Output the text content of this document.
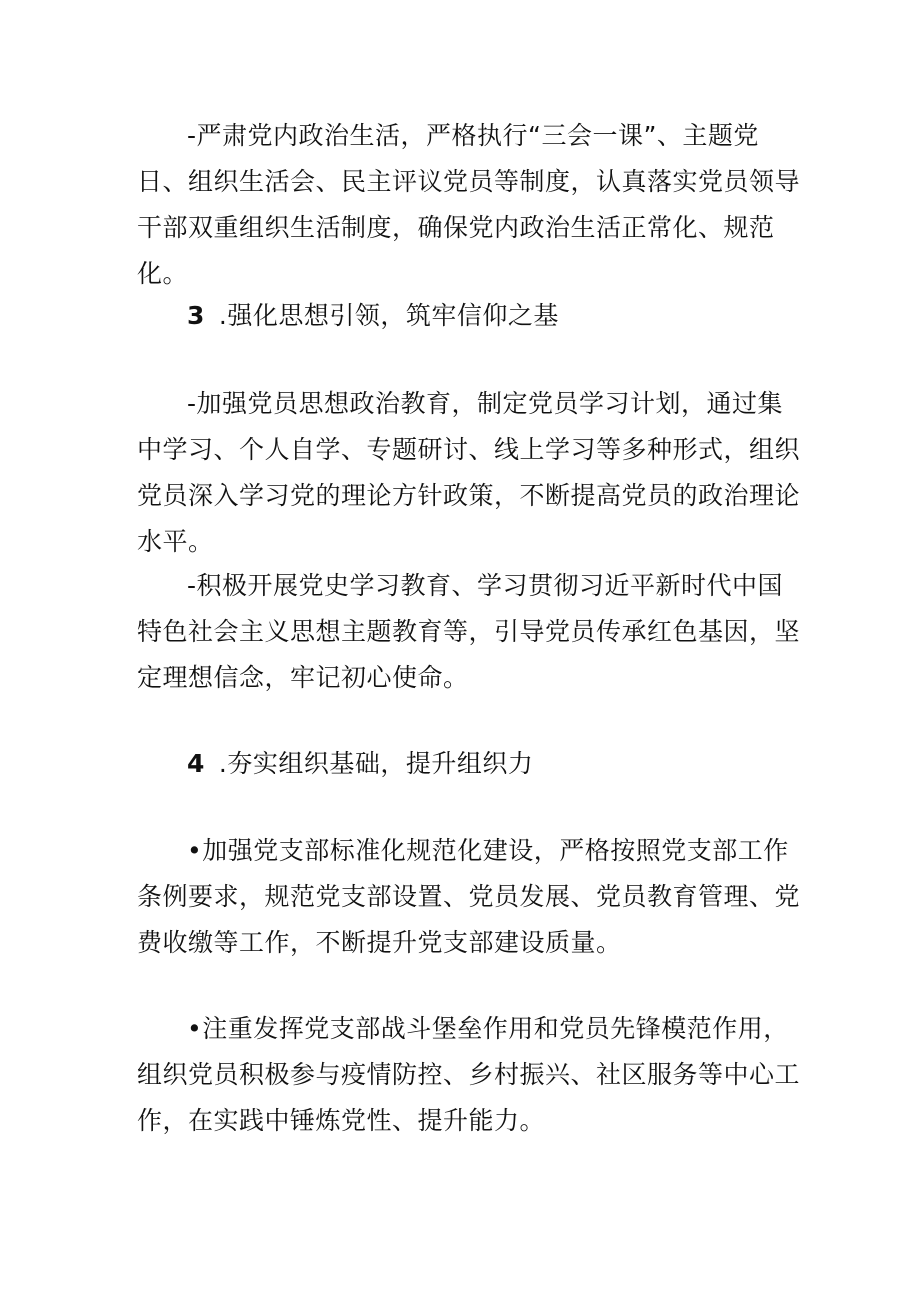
-严肃党内政治生活，严格执行“三会一课”、主题党日、组织生活会、民主评议党员等制度，认真落实党员领导干部双重组织生活制度，确保党内政治生活正常化、规范化。

3 .强化思想引领，筑牢信仰之基

-加强党员思想政治教育，制定党员学习计划，通过集中学习、个人自学、专题研讨、线上学习等多种形式，组织党员深入学习党的理论方针政策，不断提高党员的政治理论水平。

-积极开展党史学习教育、学习贯彻习近平新时代中国特色社会主义思想主题教育等，引导党员传承红色基因，坚定理想信念，牢记初心使命。

4 .夯实组织基础，提升组织力

•加强党支部标准化规范化建设，严格按照党支部工作条例要求，规范党支部设置、党员发展、党员教育管理、党费收缴等工作，不断提升党支部建设质量。

•注重发挥党支部战斗堡垒作用和党员先锋模范作用，组织党员积极参与疫情防控、乡村振兴、社区服务等中心工作，在实践中锤炼党性、提升能力。
